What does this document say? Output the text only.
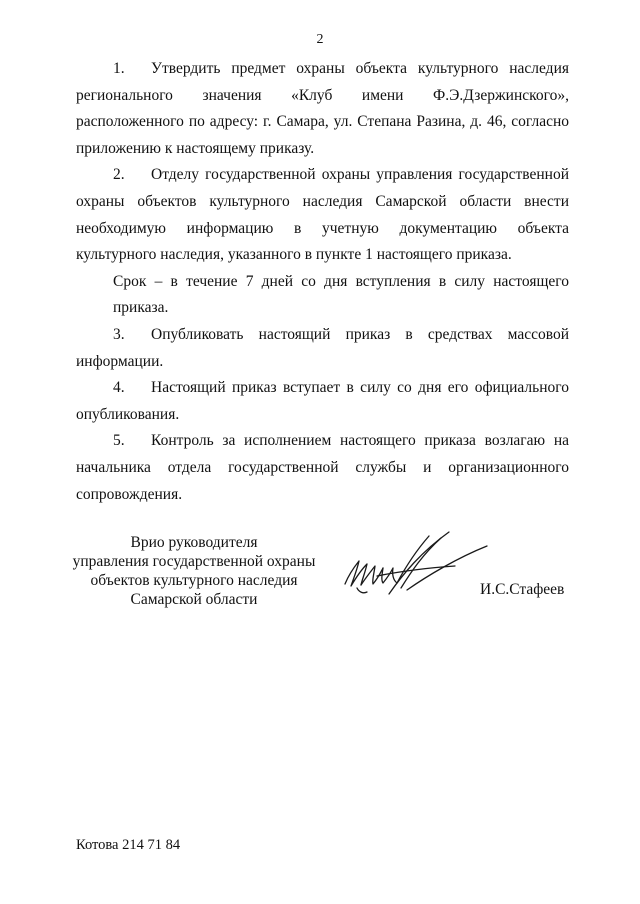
2

1. Утвердить предмет охраны объекта культурного наследия регионального значения «Клуб имени Ф.Э.Дзержинского», расположенного по адресу: г. Самара, ул. Степана Разина, д. 46, согласно приложению к настоящему приказу.

2. Отделу государственной охраны управления государственной охраны объектов культурного наследия Самарской области внести необходимую информацию в учетную документацию объекта культурного наследия, указанного в пункте 1 настоящего приказа.

Срок – в течение 7 дней со дня вступления в силу настоящего приказа.

3. Опубликовать настоящий приказ в средствах массовой информации.

4. Настоящий приказ вступает в силу со дня его официального опубликования.

5. Контроль за исполнением настоящего приказа возлагаю на начальника отдела государственной службы и организационного сопровождения.

Врио руководителя
управления государственной охраны
объектов культурного наследия
Самарской области
И.С.Стафеев
Котова 214 71 84
